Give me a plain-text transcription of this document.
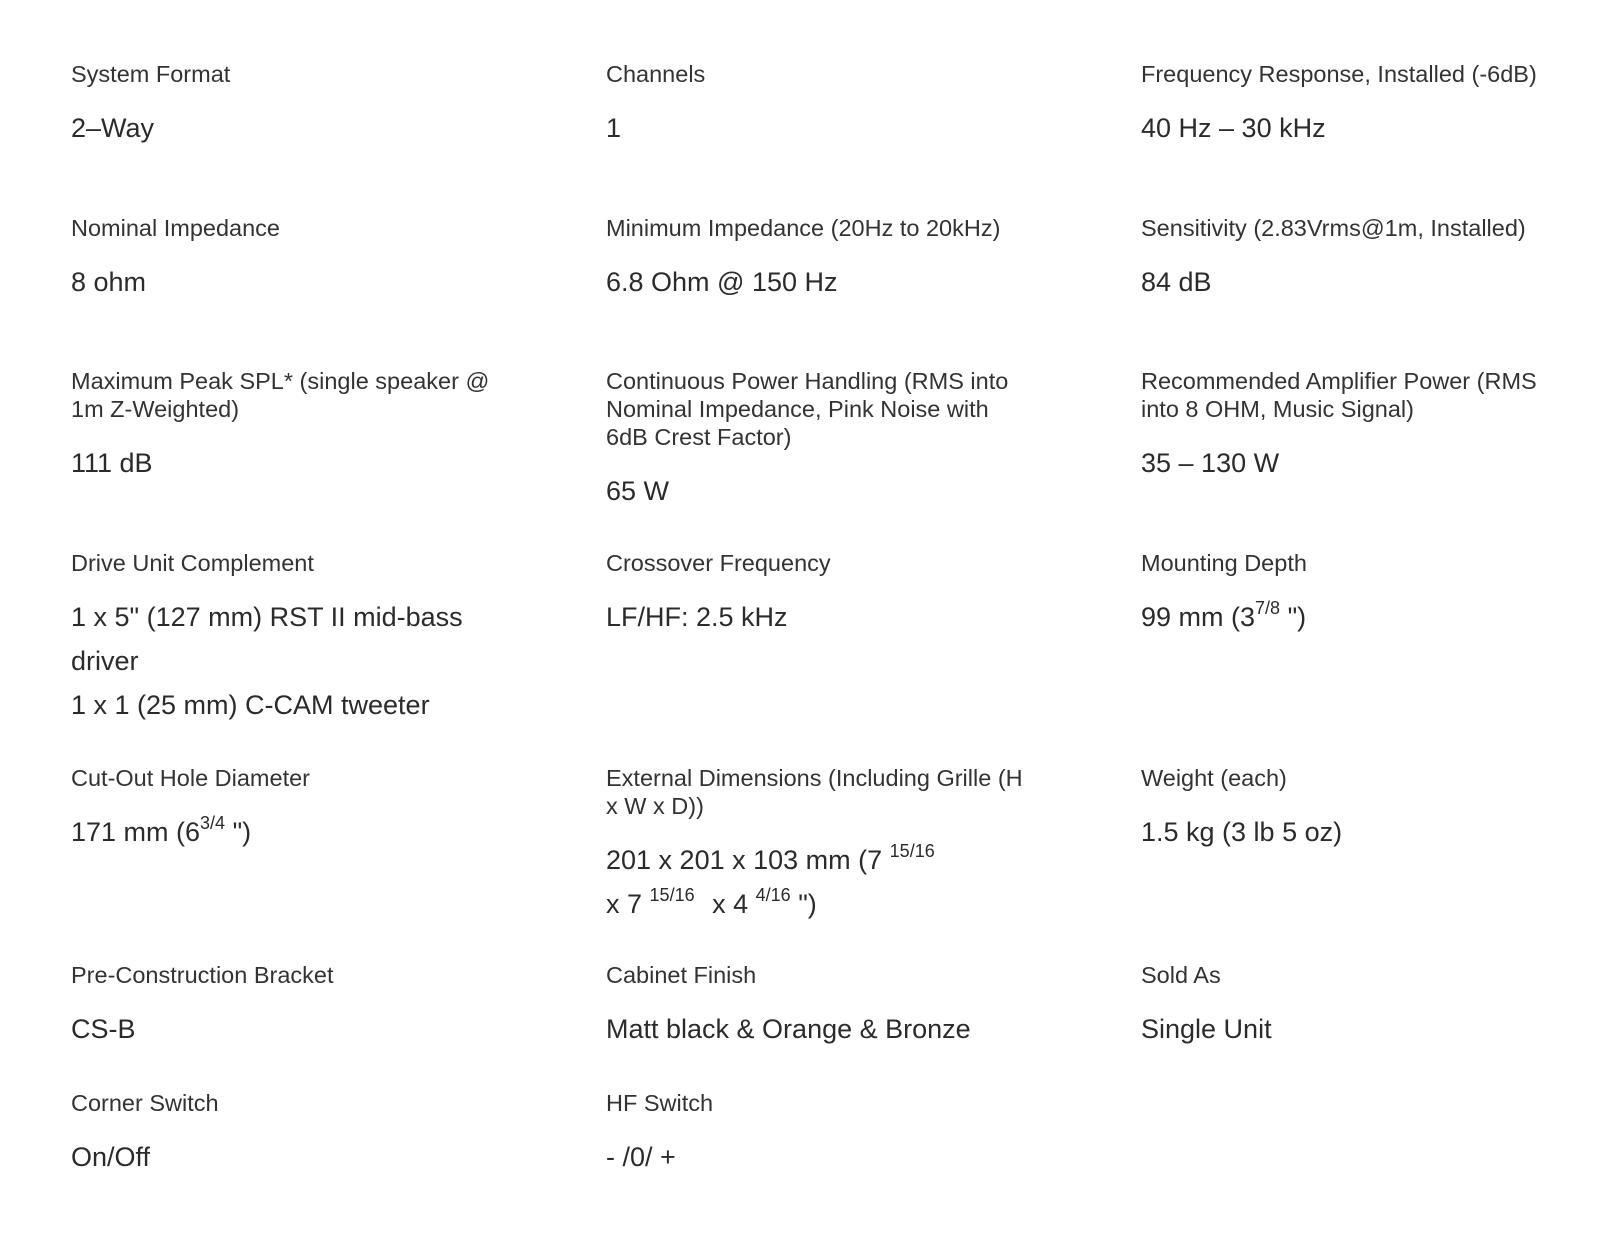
System Format
2–Way
Channels
1
Frequency Response, Installed (-6dB)
40 Hz – 30 kHz
Nominal Impedance
8 ohm
Minimum Impedance (20Hz to 20kHz)
6.8 Ohm @ 150 Hz
Sensitivity (2.83Vrms@1m, Installed)
84 dB
Maximum Peak SPL* (single speaker @ 1m Z-Weighted)
111 dB
Continuous Power Handling (RMS into Nominal Impedance, Pink Noise with 6dB Crest Factor)
65 W
Recommended Amplifier Power (RMS into 8 OHM, Music Signal)
35 – 130 W
Drive Unit Complement
1 x 5" (127 mm) RST II mid-bass driver
1 x 1 (25 mm) C-CAM tweeter
Crossover Frequency
LF/HF: 2.5 kHz
Mounting Depth
99 mm ($3^{7/8}$ ")
Cut-Out Hole Diameter
171 mm ($6^{3/4}$ ")
External Dimensions (Including Grille (H x W x D))
201 x 201 x 103 mm (7 $^{15/16}$
x 7 $^{15/16}$ x 4 $^{4/16}$ ")
Weight (each)
1.5 kg (3 lb 5 oz)
Pre-Construction Bracket
CS-B
Cabinet Finish
Matt black & Orange & Bronze
Sold As
Single Unit
Corner Switch
On/Off
HF Switch
- /0/ +
